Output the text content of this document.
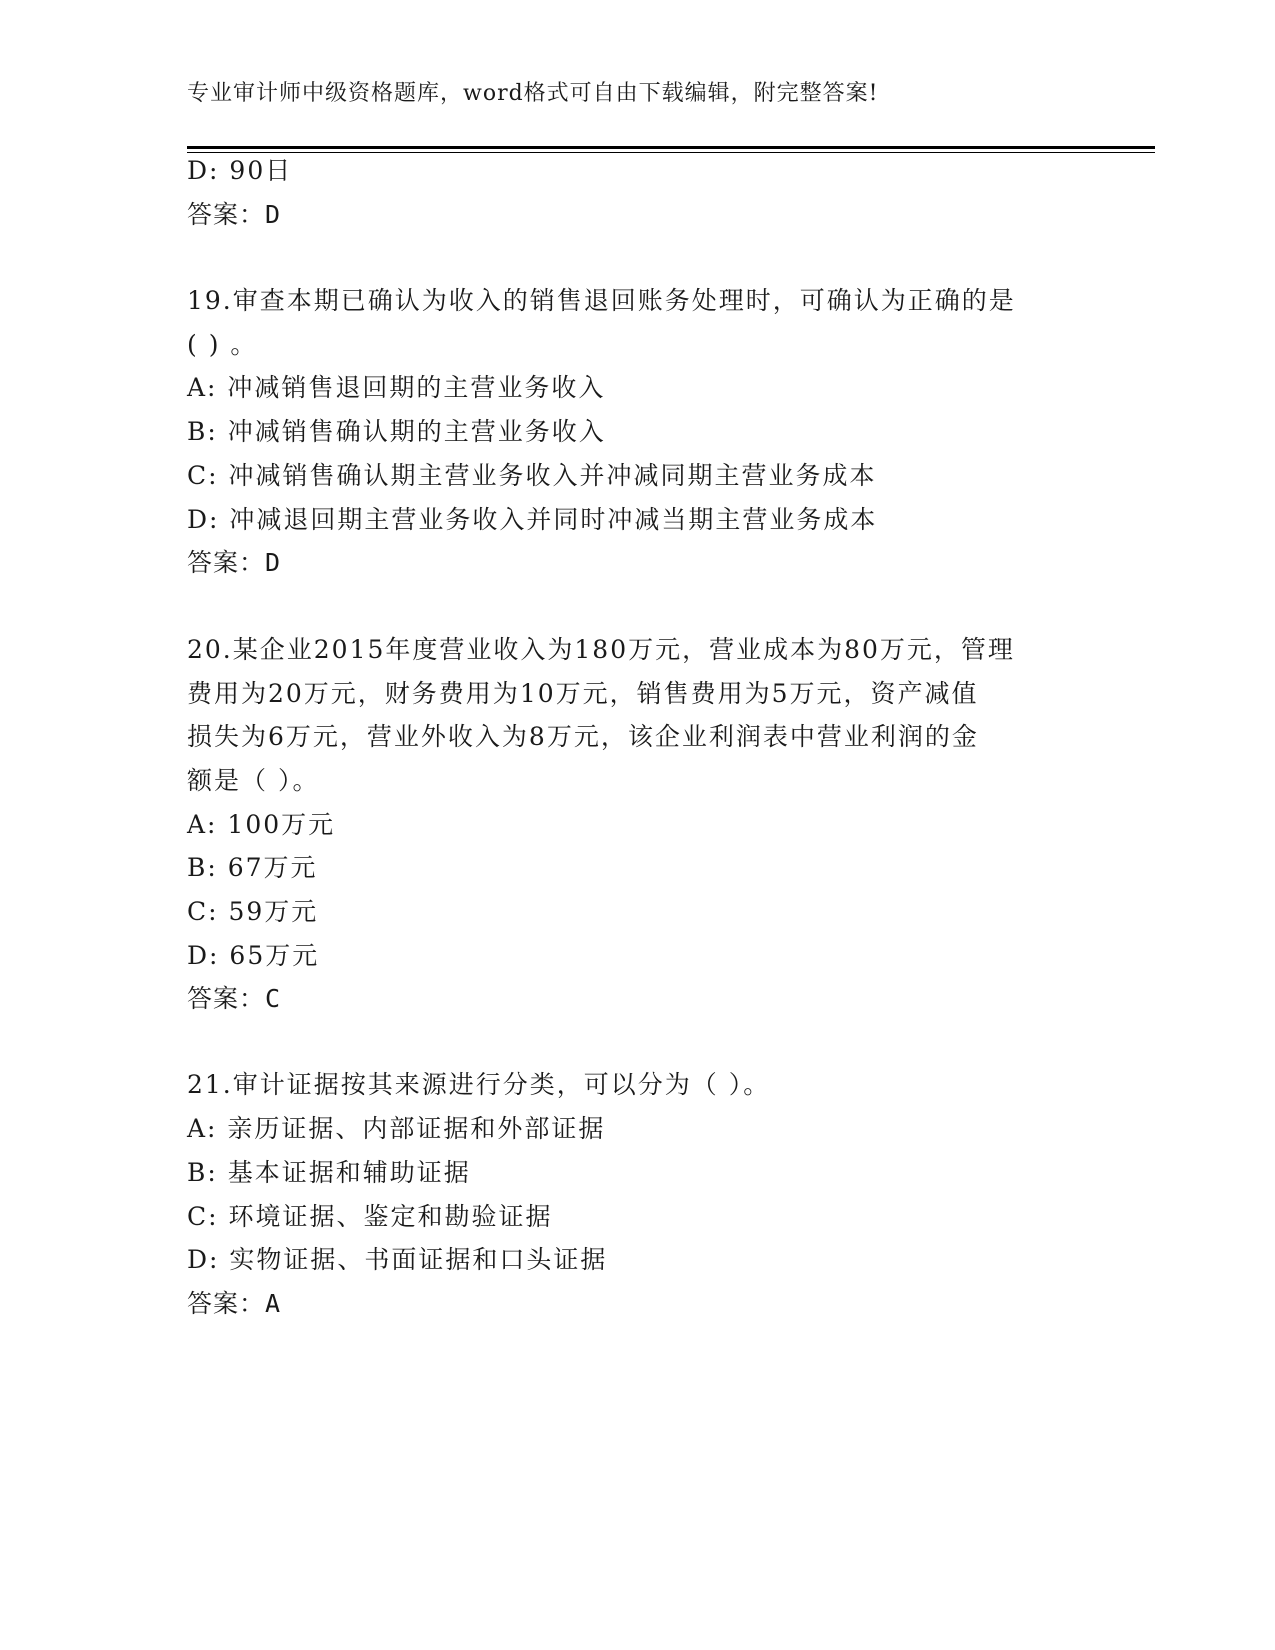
专业审计师中级资格题库，word格式可自由下载编辑，附完整答案!
D: 90日
答案：D
19.审查本期已确认为收入的销售退回账务处理时，可确认为正确的是
( ) 。
A: 冲减销售退回期的主营业务收入
B: 冲减销售确认期的主营业务收入
C: 冲减销售确认期主营业务收入并冲减同期主营业务成本
D: 冲减退回期主营业务收入并同时冲减当期主营业务成本
答案：D
20.某企业2015年度营业收入为180万元，营业成本为80万元，管理
费用为20万元，财务费用为10万元，销售费用为5万元，资产减值
损失为6万元，营业外收入为8万元，该企业利润表中营业利润的金
额是（ ）。
A: 100万元
B: 67万元
C: 59万元
D: 65万元
答案：C
21.审计证据按其来源进行分类，可以分为（ ）。
A: 亲历证据、内部证据和外部证据
B: 基本证据和辅助证据
C: 环境证据、鉴定和勘验证据
D: 实物证据、书面证据和口头证据
答案：A
